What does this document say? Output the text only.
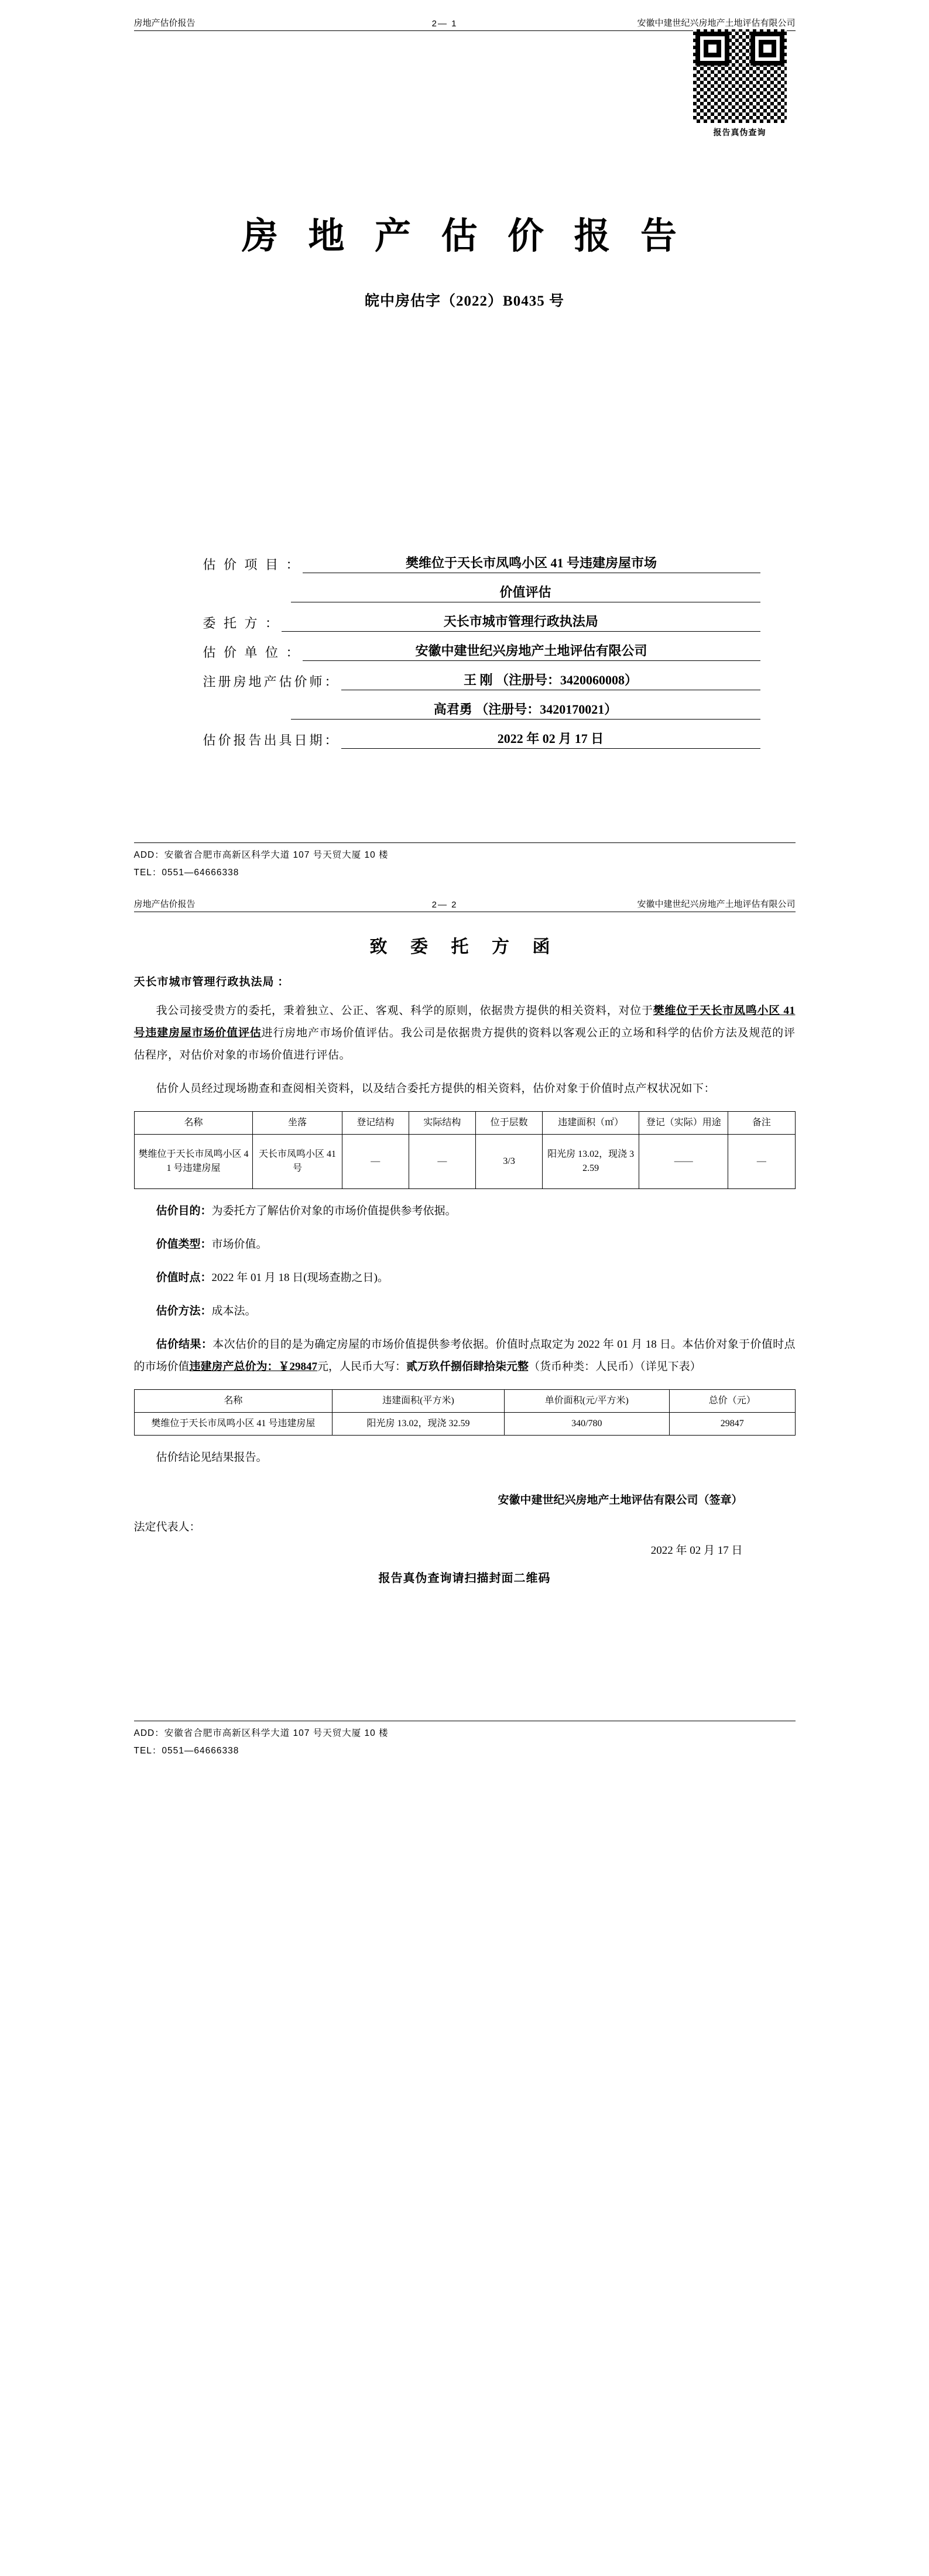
房地产估价报告	2— 1	安徽中建世纪兴房地产土地评估有限公司
报告真伪查询
房 地 产 估 价 报 告
皖中房估字（2022）B0435 号
估 价 项 目 ：	樊维位于天长市凤鸣小区 41 号违建房屋市场
价值评估
委 托 方 ：	天长市城市管理行政执法局
估 价 单 位 ：	安徽中建世纪兴房地产土地评估有限公司
注册房地产估价师：	王 刚 （注册号：3420060008）
高君勇 （注册号：3420170021）
估价报告出具日期：	2022 年 02 月 17 日
ADD：安徽省合肥市高新区科学大道 107 号天贸大厦 10 楼
TEL：0551—64666338
房地产估价报告	2— 2	安徽中建世纪兴房地产土地评估有限公司
致 委 托 方 函
天长市城市管理行政执法局 ：

我公司接受贵方的委托，秉着独立、公正、客观、科学的原则，依据贵方提供的相关资料，对位于樊维位于天长市凤鸣小区 41 号违建房屋市场价值评估进行房地产市场价值评估。我公司是依据贵方提供的资料以客观公正的立场和科学的估价方法及规范的评估程序，对估价对象的市场价值进行评估。

估价人员经过现场勘查和查阅相关资料，以及结合委托方提供的相关资料，估价对象于价值时点产权状况如下：

名称	坐落	登记结构	实际结构	位于层数	违建面积（㎡）	登记（实际）用途	备注
樊维位于天长市凤鸣小区 41 号违建房屋	天长市凤鸣小区 41 号	—	—	3/3	阳光房 13.02，现浇 32.59	——	—

估价目的：为委托方了解估价对象的市场价值提供参考依据。

价值类型：市场价值。

价值时点：2022 年 01 月 18 日(现场查勘之日)。

估价方法：成本法。

估价结果：本次估价的目的是为确定房屋的市场价值提供参考依据。价值时点取定为 2022 年 01 月 18 日。本估价对象于价值时点的市场价值违建房产总价为：￥29847元，人民币大写：贰万玖仟捌佰肆拾柒元整（货币种类：人民币）（详见下表）

名称	违建面积(平方米)	单价面积(元/平方米)	总价（元）
樊维位于天长市凤鸣小区 41 号违建房屋	阳光房 13.02，现浇 32.59	340/780	29847

估价结论见结果报告。

安徽中建世纪兴房地产土地评估有限公司（签章）
法定代表人：
2022 年 02 月 17 日
报告真伪查询请扫描封面二维码
ADD：安徽省合肥市高新区科学大道 107 号天贸大厦 10 楼
TEL：0551—64666338
